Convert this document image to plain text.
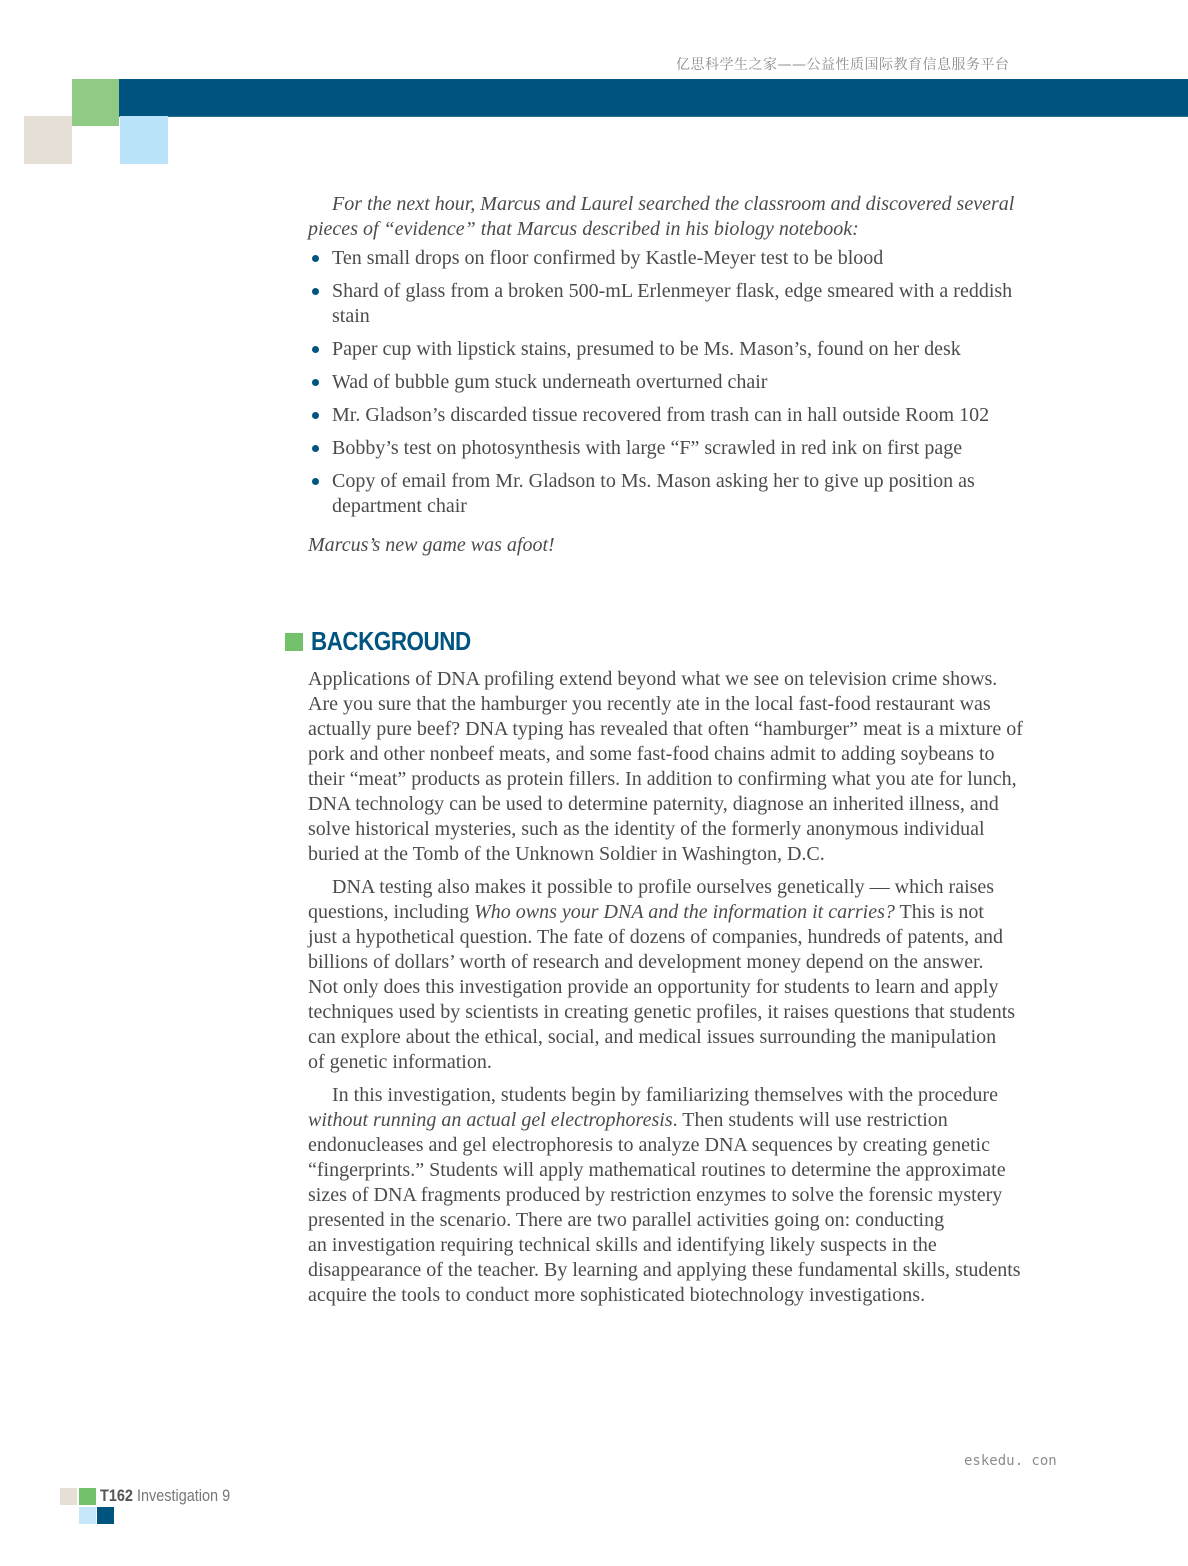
亿思科学生之家——公益性质国际教育信息服务平台
For the next hour, Marcus and Laurel searched the classroom and discovered several
pieces of “evidence” that Marcus described in his biology notebook:
Ten small drops on floor confirmed by Kastle-Meyer test to be blood
Shard of glass from a broken 500-mL Erlenmeyer flask, edge smeared with a reddish
stain
Paper cup with lipstick stains, presumed to be Ms. Mason’s, found on her desk
Wad of bubble gum stuck underneath overturned chair
Mr. Gladson’s discarded tissue recovered from trash can in hall outside Room 102
Bobby’s test on photosynthesis with large “F” scrawled in red ink on first page
Copy of email from Mr. Gladson to Ms. Mason asking her to give up position as
department chair
Marcus’s new game was afoot!
Applications of DNA profiling extend beyond what we see on television crime shows.
Are you sure that the hamburger you recently ate in the local fast-food restaurant was
actually pure beef? DNA typing has revealed that often “hamburger” meat is a mixture of
pork and other nonbeef meats, and some fast-food chains admit to adding soybeans to
their “meat” products as protein fillers. In addition to confirming what you ate for lunch,
DNA technology can be used to determine paternity, diagnose an inherited illness, and
solve historical mysteries, such as the identity of the formerly anonymous individual
buried at the Tomb of the Unknown Soldier in Washington, D.C.
DNA testing also makes it possible to profile ourselves genetically — which raises
questions, including Who owns your DNA and the information it carries? This is not
just a hypothetical question. The fate of dozens of companies, hundreds of patents, and
billions of dollars’ worth of research and development money depend on the answer.
Not only does this investigation provide an opportunity for students to learn and apply
techniques used by scientists in creating genetic profiles, it raises questions that students
can explore about the ethical, social, and medical issues surrounding the manipulation
of genetic information.
In this investigation, students begin by familiarizing themselves with the procedure
without running an actual gel electrophoresis. Then students will use restriction
endonucleases and gel electrophoresis to analyze DNA sequences by creating genetic
“fingerprints.” Students will apply mathematical routines to determine the approximate
sizes of DNA fragments produced by restriction enzymes to solve the forensic mystery
presented in the scenario. There are two parallel activities going on: conducting
an investigation requiring technical skills and identifying likely suspects in the
disappearance of the teacher. By learning and applying these fundamental skills, students
acquire the tools to conduct more sophisticated biotechnology investigations.
BACKGROUND
eskedu. con
T162 Investigation 9
